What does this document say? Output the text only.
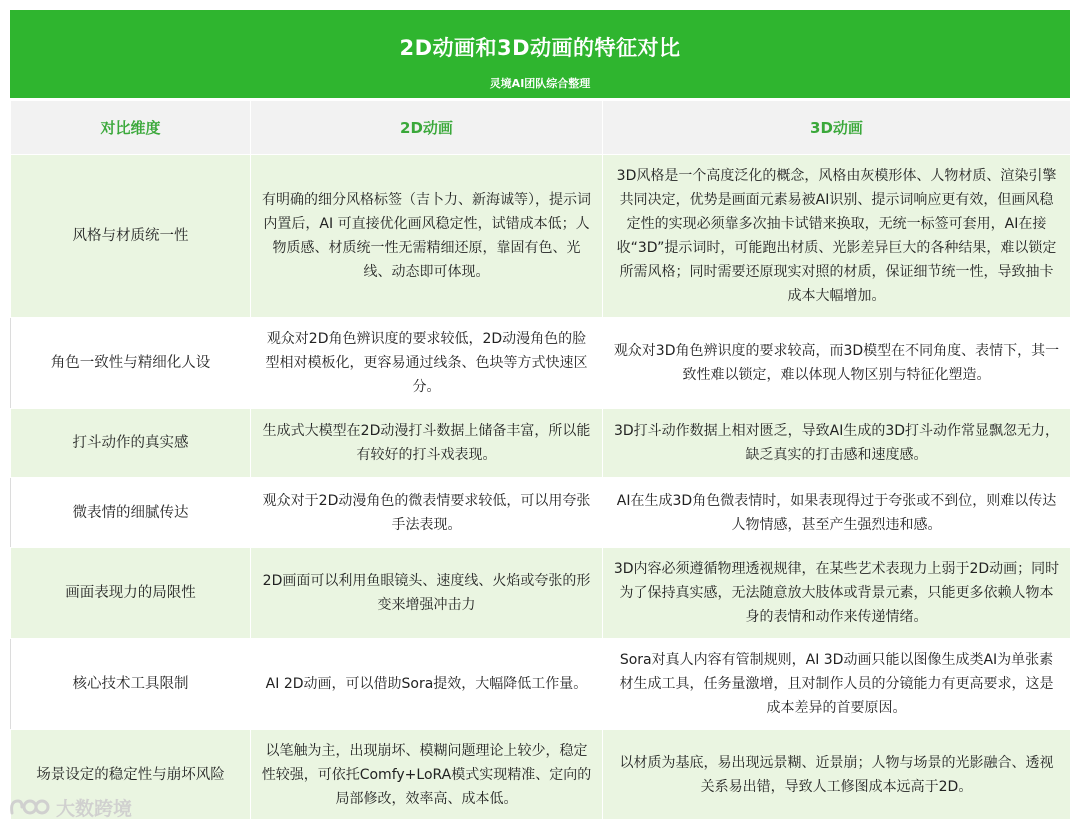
2D动画和3D动画的特征对比
灵境AI团队综合整理
对比维度	2D动画	3D动画
风格与材质统一性	有明确的细分风格标签（吉卜力、新海诚等），提示词内置后，AI 可直接优化画风稳定性，试错成本低；人物质感、材质统一性无需精细还原，靠固有色、光线、动态即可体现。	3D风格是一个高度泛化的概念，风格由灰模形体、人物材质、渲染引擎共同决定，优势是画面元素易被AI识别、提示词响应更有效，但画风稳定性的实现必须靠多次抽卡试错来换取，无统一标签可套用，AI在接收“3D”提示词时，可能跑出材质、光影差异巨大的各种结果，难以锁定所需风格；同时需要还原现实对照的材质，保证细节统一性，导致抽卡成本大幅增加。
角色一致性与精细化人设	观众对2D角色辨识度的要求较低，2D动漫角色的脸型相对模板化，更容易通过线条、色块等方式快速区分。	观众对3D角色辨识度的要求较高，而3D模型在不同角度、表情下，其一致性难以锁定，难以体现人物区别与特征化塑造。
打斗动作的真实感	生成式大模型在2D动漫打斗数据上储备丰富，所以能有较好的打斗戏表现。	3D打斗动作数据上相对匮乏，导致AI生成的3D打斗动作常显飘忽无力，缺乏真实的打击感和速度感。
微表情的细腻传达	观众对于2D动漫角色的微表情要求较低，可以用夸张手法表现。	AI在生成3D角色微表情时，如果表现得过于夸张或不到位，则难以传达人物情感，甚至产生强烈违和感。
画面表现力的局限性	2D画面可以利用鱼眼镜头、速度线、火焰或夸张的形变来增强冲击力	3D内容必须遵循物理透视规律，在某些艺术表现力上弱于2D动画；同时为了保持真实感，无法随意放大肢体或背景元素，只能更多依赖人物本身的表情和动作来传递情绪。
核心技术工具限制	AI 2D动画，可以借助Sora提效，大幅降低工作量。	Sora对真人内容有管制规则，AI 3D动画只能以图像生成类AI为单张素材生成工具，任务量激增，且对制作人员的分镜能力有更高要求，这是成本差异的首要原因。
场景设定的稳定性与崩坏风险	以笔触为主，出现崩坏、模糊问题理论上较少，稳定性较强，可依托Comfy+LoRA模式实现精准、定向的局部修改，效率高、成本低。	以材质为基底，易出现远景糊、近景崩；人物与场景的光影融合、透视关系易出错，导致人工修图成本远高于2D。
大数跨境
